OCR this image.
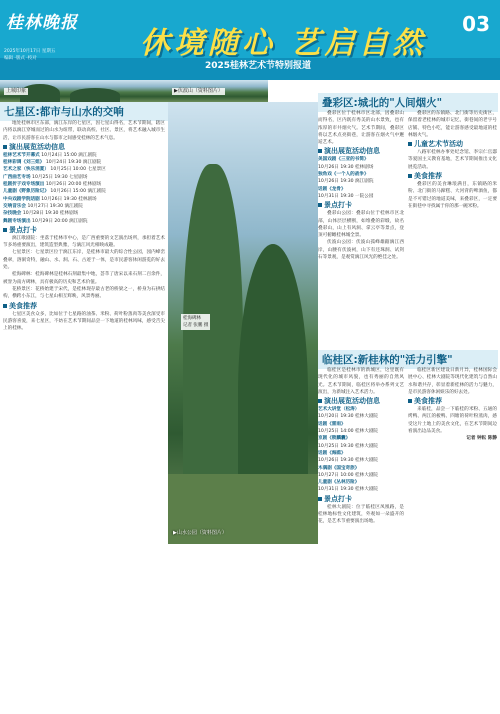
桂林晚报
休境随心 艺启自然
2025桂林艺术节特别报道
03
2025年10月17日 星期五
编辑 ·版式 ·校对
上城印象	▶伏波山（资料图片）
桂海碑林
记者 张鹏 摄
▶山水公园（资料图片）
七星区:都市与山水的交响

地处桂林市区东部，漓江东岸的七星区，因七星山得名，艺术节期间，辖区内将以漓江穿城而过的山水为纽带，联动高校、社区、景区，将艺术融入城市生活，让市民游客在山水与都市之间感受桂林的艺术气息。

演出展览活动信息
桂林艺术节开幕式 10月24日 15:00 漓江剧院
桂林彩调《刘三姐》 10月24日 19:30 漓江剧院
艺术之家（快乐消夏） 10月25日 10:00 七星景区
广西曲艺专场 10月25日 19:30 七星剧场
桂剧折子戏专场演出 10月26日 20:00 桂林剧场
儿童剧《野象历险记》 10月26日 15:00 漓江剧院
中央戏剧学院话剧 10月26日 19:30 桂林剧场
交响音乐会 10月27日 19:30 漓江剧院
杂技晚会 10月28日 19:30 桂林剧场
舞剧专场演出 10月29日 20:00 漓江剧院
景点打卡

漓江歌剧院：坐落于桂林市中心，是广西重要的文艺演出场所，承担着艺术节多场重要演出，建筑造型典雅，与漓江风光相映成趣。

七星景区：七星景区位于漓江东岸，是桂林市最大的综合性公园，园内峰峦叠翠，溶洞奇特，融山、水、洞、石、古迹于一体，是市民游客休闲游览的好去处。

桂海碑林：桂海碑林是桂林石刻最集中地，荟萃了唐宋以来石刻二百余件，被誉为南方碑林，具有极高的历史和艺术价值。

花桥景区：花桥始建于宋代，是桂林现存最古老的桥梁之一，桥身为石拱结构，横跨小东江，与七星山相互辉映，风景秀丽。

美食推荐

七星区美食众多，比如位于七星路的油茶、米粉、荷叶粉蒸肉等美食深受市民游客喜爱，来七星区，不妨在艺术节期间品尝一下地道的桂林风味，感受舌尖上的桂林。

叠彩区:城北的"人间烟火"

叠彩区位于桂林市区北部，因叠彩山而得名，区内既有秀美的山水景致，也有浓厚的市井烟火气。艺术节期间，叠彩区将以艺术点亮街巷，让游客在烟火气中邂逅艺术。

演出展览活动信息
美国戏剧《三亚的书简》
10月26日 19:30 桂林剧场
独角戏《一个人的战争》
10月26日 19:30 漓江剧院
话剧《龙骨》
10月31日 19:30 一院公园
景点打卡

叠彩山公园：叠彩山位于桂林市区北部，山体层层横断，如堆叠的彩缎，故名叠彩山，山上有风洞、拿云亭等景点，登顶可俯瞰桂林城全景。

伏波山公园：伏波山孤峰雄踞漓江西岸，山腰有伏波祠，山下有还珠洞、试剑石等景观，是观赏漓江风光的绝佳之处。

叠彩区的东镇路、北门街等历史街区，保留着老桂林的城市记忆，街巷间的老字号店铺、特色小吃，能让游客感受最地道的桂林烟火气。

儿童艺术节活动

八路军桂林办事处纪念馆、李宗仁官邸等爱国主义教育基地，艺术节期间推出文化展览活动。

美食推荐

叠彩区的美食琳琅满目，东镇路的米粉、北门街的马蹄糕、大河背的啤酒鱼，都是不可错过的地道美味，来叠彩区，一定要在街巷中寻找属于你的那一碗米粉。

临桂区:新桂林的"活力引擎"

临桂区是桂林市的新城区，这里既有现代化的城市风貌，也有秀丽的自然风光。艺术节期间，临桂区将举办系列文艺演出，为新城注入艺术活力。

演出展览活动信息
艺术大讲堂（松涛）
10月20日 19:30 桂林大剧院
话剧《雷雨》
10月25日 14:00 桂林大剧院
京剧《锁麟囊》
10月25日 19:30 桂林大剧院
话剧《海鸥》
10月26日 19:30 桂林大剧院
木偶剧《国宝奇旅》
10月27日 10:00 桂林大剧院
儿童剧《丛林历险》
10月31日 19:30 桂林大剧院
景点打卡

桂林大剧院：位于临桂区凤凰路，是桂林地标性文化建筑，外观如一朵盛开的花，是艺术节重要演出场地。

临桂区新区建设日新月异，桂林国际会展中心、桂林大剧院等现代化建筑与自然山水和谐共存，彰显着新桂林的活力与魅力，是市民游客休闲娱乐的好去处。

美食推荐

来临桂，品尝一下临桂的米粉、五通的烤鸭、两江的板鸭、四塘的荷叶粉蒸肉，感受这片土地上的美食文化，在艺术节期间边看演出边品美食。

记者 钟耘 陈静
